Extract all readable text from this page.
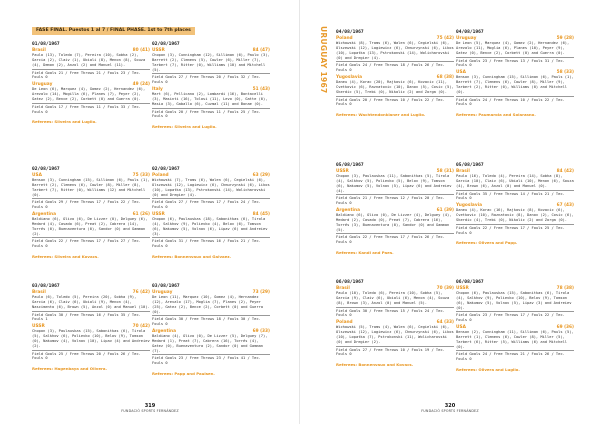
FASE FINAL. Puestos 1 al 7 / FINAL PHASE. 1st to 7th places
01/08/1967
Brasil	80 (41)
Paulo (13), Toledo (7), Pereira (10), Sobha (2), Garcia (2), Claiv (1), Ubiali (8), Menon (8), Souza (4), Demon (2), Anzol (2) and Manuel (11).
Field Goals 21 / Free Throws 21 / Fouls 23 / Tec. Fouls 0
Uruguay	49 (24)
De Leon (6), Marquez (4), Gomez (2), Hernandez (6), Arevalo (14), Mogilla (6), Planes (7), Peyer (2), Gatez (2), Bence (2), Corbett (0) and Guerra (0).
Field Goals 17 / Free Throws 11 / Fouls 33 / Tec. Fouls 0
Referees: Silveira and Luglio.
02/08/1967
USA	75 (33)
Benson (3), Cunningham (15), Silliman (6), Pauls (1), Barrett (2), Clemens (6), Cowler (8), Miller (8), Tarbert (7), Ritter (0), Williams (12) and Mitchell (0).
Field Goals 29 / Free Throws 17 / Fouls 22 / Tec. Fouls 0
Argentina	61 (26)
Baldiano (6), Olivo (6), De Lizzer (0), Delguey (6), Medard (4), Cavado (6), Preat (2), Cabrera (14), Torrés (0), Buenaventura (0), Sandor (0) and Gamman (2).
Field Goals 22 / Free Throws 17 / Fouls 27 / Tec. Fouls 0
Referees: Silveira and Kovacs.
03/08/1967
Brasil	76 (42)
Paulo (6), Toledo (5), Pereira (20), Sobha (9), Garcia (6), Claiv (6), Ubiali (9), Menon (4), Nascimento (6), Brown (5), Anzol (0) and Manuel (10).
Field Goals 30 / Free Throws 16 / Fouls 35 / Tec. Fouls 1
USSR	70 (42)
Chopon (3), Paulauskas (15), Sabonitkas (6), Tirola (5), Salkhov (6), Polievko (10), Belov (9), Tomson (0), Nakumov (4), Volnov (10), Lipav (4) and Andreiev (2).
Field Goals 25 / Free Throws 20 / Fouls 26 / Tec. Fouls 0
Referees: Hagenbaya and Olivera.
02/08/1967
USSR	84 (47)
Chopon (3), Cunningham (12), Silliman (6), Paulo (3), Barrett (2), Clemens (5), Cowler (6), Miller (7), Tarbert (7), Ritter (0), Williams (10) and Mitchell (5).
Field Goals 27 / Free Throws 20 / Fouls 32 / Tec. Fouls 0
Italy	51 (43)
Mart (6), Pellicano (2), Lombardi (16), Bontacelli (3), Masinti (16), Tolosi (11), Levo (0), Gatte (0), Masia (3), Gaballo (6), Cuzmal (11) and Bonae (0).
Field Goals 20 / Free Throws 11 / Fouls 25 / Tec. Fouls 0
Referees: Silveira and Luglio.
02/08/1967
Poland	63 (29)
Wichowski (7), Trams (6), Walen (6), Cegielski (6), Olszewski (12), Lagiewicz (6), Chmurzynski (6), Likos (10), Lopatka (13), Pstrokonski (14), Wolicharovski (0) and Dregier (4).
Field Goals 27 / Free Throws 17 / Fouls 24 / Tec. Fouls 0
USSR	84 (45)
Chopon (6), Paulauskas (18), Sabonitkas (6), Tirola (4), Salkhov (9), Polievko (4), Belov (6), Tomson (6), Nakumov (5), Volnov (6), Lipav (6) and Andreiev (3).
Field Goals 31 / Free Throws 16 / Fouls 21 / Tec. Fouls 0
Referees: Bonnenvaux and Galvaez.
03/08/1967
Uruguay	73 (29)
De Leon (11), Marquez (10), Gomez (4), Hernandez (12), Arevalo (17), Moglia (7), Planes (2), Peyer (25), Gatez (2), Bence (2), Corbett (0) and Guerra (0).
Field Goals 30 / Free Throws 18 / Fouls 30 / Tec. Fouls 0
Argentina	69 (33)
Baldiano (4), Olivo (0), De Lizzer (5), Delguey (7), Medard (1), Preat (7), Cabrera (16), Torrés (4), Gatez (0), Buenaventura (2), Sandor (0) and Gamman (7).
Field Goals 23 / Free Throws 23 / Fouls 41 / Tec. Fouls 0
Referees: Papp and Paulsen.
319
FUNDACIÓ SPORTS FERNÁNDEZ
URUGUAY 1967 04/08/1967
Poland	75 (42)
Wichowski (8), Trams (6), Walen (6), Cegielski (6), Olszewski (12), Lagiewicz (6), Chmurzynski (6), Likos (10), Lopatka (13), Pstrokonski (14), Wolicharovski (0) and Dregier (4).
Field Goals 24 / Free Throws 18 / Fouls 26 / Tec. Fouls 0
Yugoslavia	68 (38)
Daneu (4), Korac (20), Rajkovic (6), Kovacic (11), Cvetkovic (6), Raznatovic (10), Danov (5), Cosic (5), Skerdic (5), Trebi (0), Nikolic (2) and Zorga (0).
Field Goals 20 / Free Throws 10 / Fouls 22 / Tec. Fouls 0
Referees: Wachtendonkianer and Luglio.
05/08/1967
USSR	58 (31)
Chopon (3), Paulauskas (11), Sabonitkas (5), Tirola (4), Salkhov (5), Polievko (5), Belov (9), Tomson (6), Nakumov (5), Volnov (5), Lipav (6) and Andreiev (4).
Field Goals 21 / Free Throws 12 / Fouls 20 / Tec. Fouls 0
Argentina	61 (39)
Baldiano (6), Olivo (0), De Lizzer (4), Delguey (4), Medard (2), Cavado (0), Preat (7), Cabrera (16), Torrés (3), Buenaventura (0), Sandor (0) and Gamman (5).
Field Goals 22 / Free Throws 17 / Fouls 26 / Tec. Fouls 0
Referees: Kandi and Paes.
06/08/1967
Brasil	70 (39)
Paulo (10), Toledo (6), Pereira (10), Sobha (5), Garcia (9), Claiv (6), Ubiali (6), Menon (4), Souza (8), Brown (3), Anzol (0) and Manuel (5).
Field Goals 30 / Free Throws 15 / Fouls 24 / Tec. Fouls 0
Poland	64 (33)
Wichowski (5), Trams (4), Walen (6), Cegielski (6), Olszewski (12), Lagiewicz (6), Chmurzynski (6), Likos (10), Lopatka (7), Pstrokonski (11), Wolicharovski (0) and Dregier (2).
Field Goals 27 / Free Throws 10 / Fouls 19 / Tec. Fouls 0
Referees: Bonnenvaux and Kovacs.
04/08/1967
Uruguay	59 (28)
De Leon (5), Marquez (4), Gomez (2), Hernandez (6), Arevalo (11), Moglia (6), Planes (10), Peyer (9), Gatez (0), Bence (2), Corbett (0) and Guerra (0).
Field Goals 23 / Free Throws 13 / Fouls 31 / Tec. Fouls 0
USA	58 (33)
Benson (3), Cunningham (15), Silliman (6), Pauls (1), Barrett (7), Clemens (6), Cowler (8), Miller (9), Tarbert (2), Ritter (0), Williams (0) and Mitchell (0).
Field Goals 24 / Free Throws 10 / Fouls 22 / Tec. Fouls 0
Referees: Paumarola and Solarzano.
05/08/1967
Brasil	84 (42)
Paulo (16), Toledo (4), Pereira (14), Sobha (8), Garcia (10), Claiv (6), Ubiali (10), Menon (6), Souza (4), Brown (6), Anzol (0) and Manuel (0).
Field Goals 35 / Free Throws 14 / Fouls 21 / Tec. Fouls 0
Yugoslavia	67 (43)
Daneu (4), Korac (16), Rajkovic (8), Kovacic (6), Cvetkovic (10), Raznatovic (8), Danov (2), Cosic (6), Skerdic (4), Trebi (0), Nikolic (2) and Zorga (0).
Field Goals 22 / Free Throws 17 / Fouls 25 / Tec. Fouls 0
Referees: Olivera and Papp.
06/08/1967
USSR	78 (38)
Chopon (6), Paulauskas (15), Sabonitkas (6), Tirola (4), Salkhov (9), Polievko (10), Belov (9), Tomson (6), Nakumov (5), Volnov (5), Lipav (3) and Andreiev (0).
Field Goals 23 / Free Throws 17 / Fouls 22 / Tec. Fouls 0
USA	69 (36)
Benson (2), Cunningham (11), Silliman (6), Pauls (5), Barrett (1), Clemens (6), Cowler (8), Miller (5), Tarbert (6), Ritter (5), Williams (6) and Mitchell (0).
Field Goals 24 / Free Throws 21 / Fouls 26 / Tec. Fouls 0
Referees: Olivera and Luglio.
320
FUNDACIÓ SPORTS FERNÁNDEZ
